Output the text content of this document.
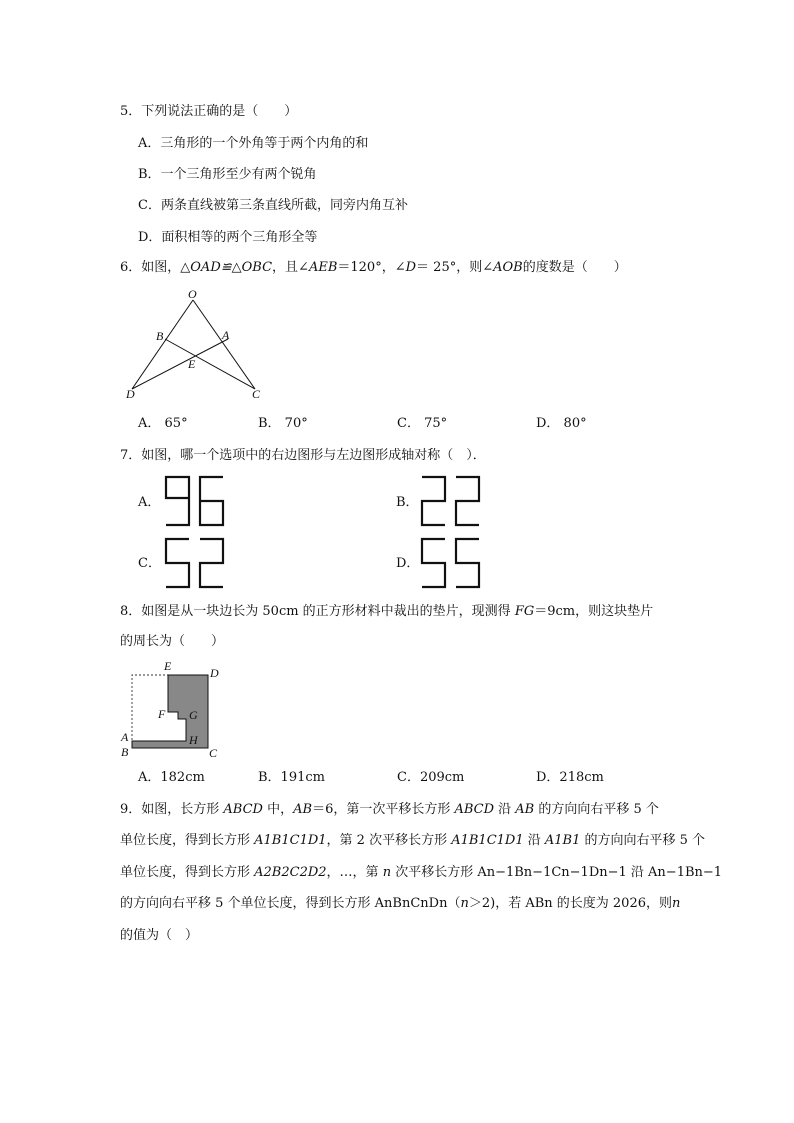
5．下列说法正确的是（　　）
A．三角形的一个外角等于两个内角的和
B．一个三角形至少有两个锐角
C．两条直线被第三条直线所截，同旁内角互补
D．面积相等的两个三角形全等
6．如图，△OAD≌△OBC，且∠AEB＝120°，∠D＝ 25°，则∠AOB的度数是（　　）
O
B	A
E
D	C
A． 65°	B． 70°	C． 75°	D． 80°
7．如图，哪一个选项中的右边图形与左边图形成轴对称（　）．
A．	B．
C．	D．
8．如图是从一块边长为 50cm 的正方形材料中裁出的垫片，现测得 FG＝9cm，则这块垫片
的周长为（　　）
E	D
F G
A	H
B	C
A．182cm	B．191cm	C．209cm	D．218cm
9．如图，长方形 ABCD 中，AB＝6，第一次平移长方形 ABCD 沿 AB 的方向向右平移 5 个
单位长度，得到长方形 A1B1C1D1，第 2 次平移长方形 A1B1C1D1 沿 A1B1 的方向向右平移 5 个
单位长度，得到长方形 A2B2C2D2，…，第 n 次平移长方形 An−1Bn−1Cn−1Dn−1 沿 An−1Bn−1
的方向向右平移 5 个单位长度，得到长方形 AnBnCnDn（n＞2)，若 ABn 的长度为 2026，则n
的值为（　）
